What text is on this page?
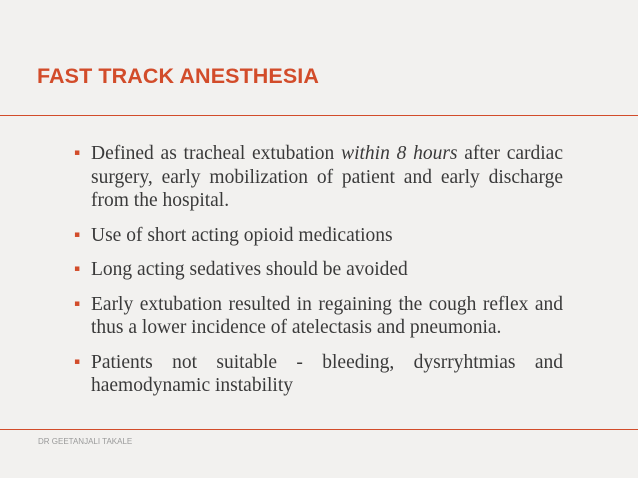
FAST TRACK ANESTHESIA
▪
Defined as tracheal extubation within 8 hours after cardiac surgery, early mobilization of patient and early discharge from the hospital.
▪
Use of short acting opioid medications
▪
Long acting sedatives should be avoided
▪
Early extubation resulted in regaining the cough reflex and thus a lower incidence of atelectasis and pneumonia.
▪
Patients not suitable - bleeding, dysrryhtmias and haemodynamic instability
DR GEETANJALI TAKALE
